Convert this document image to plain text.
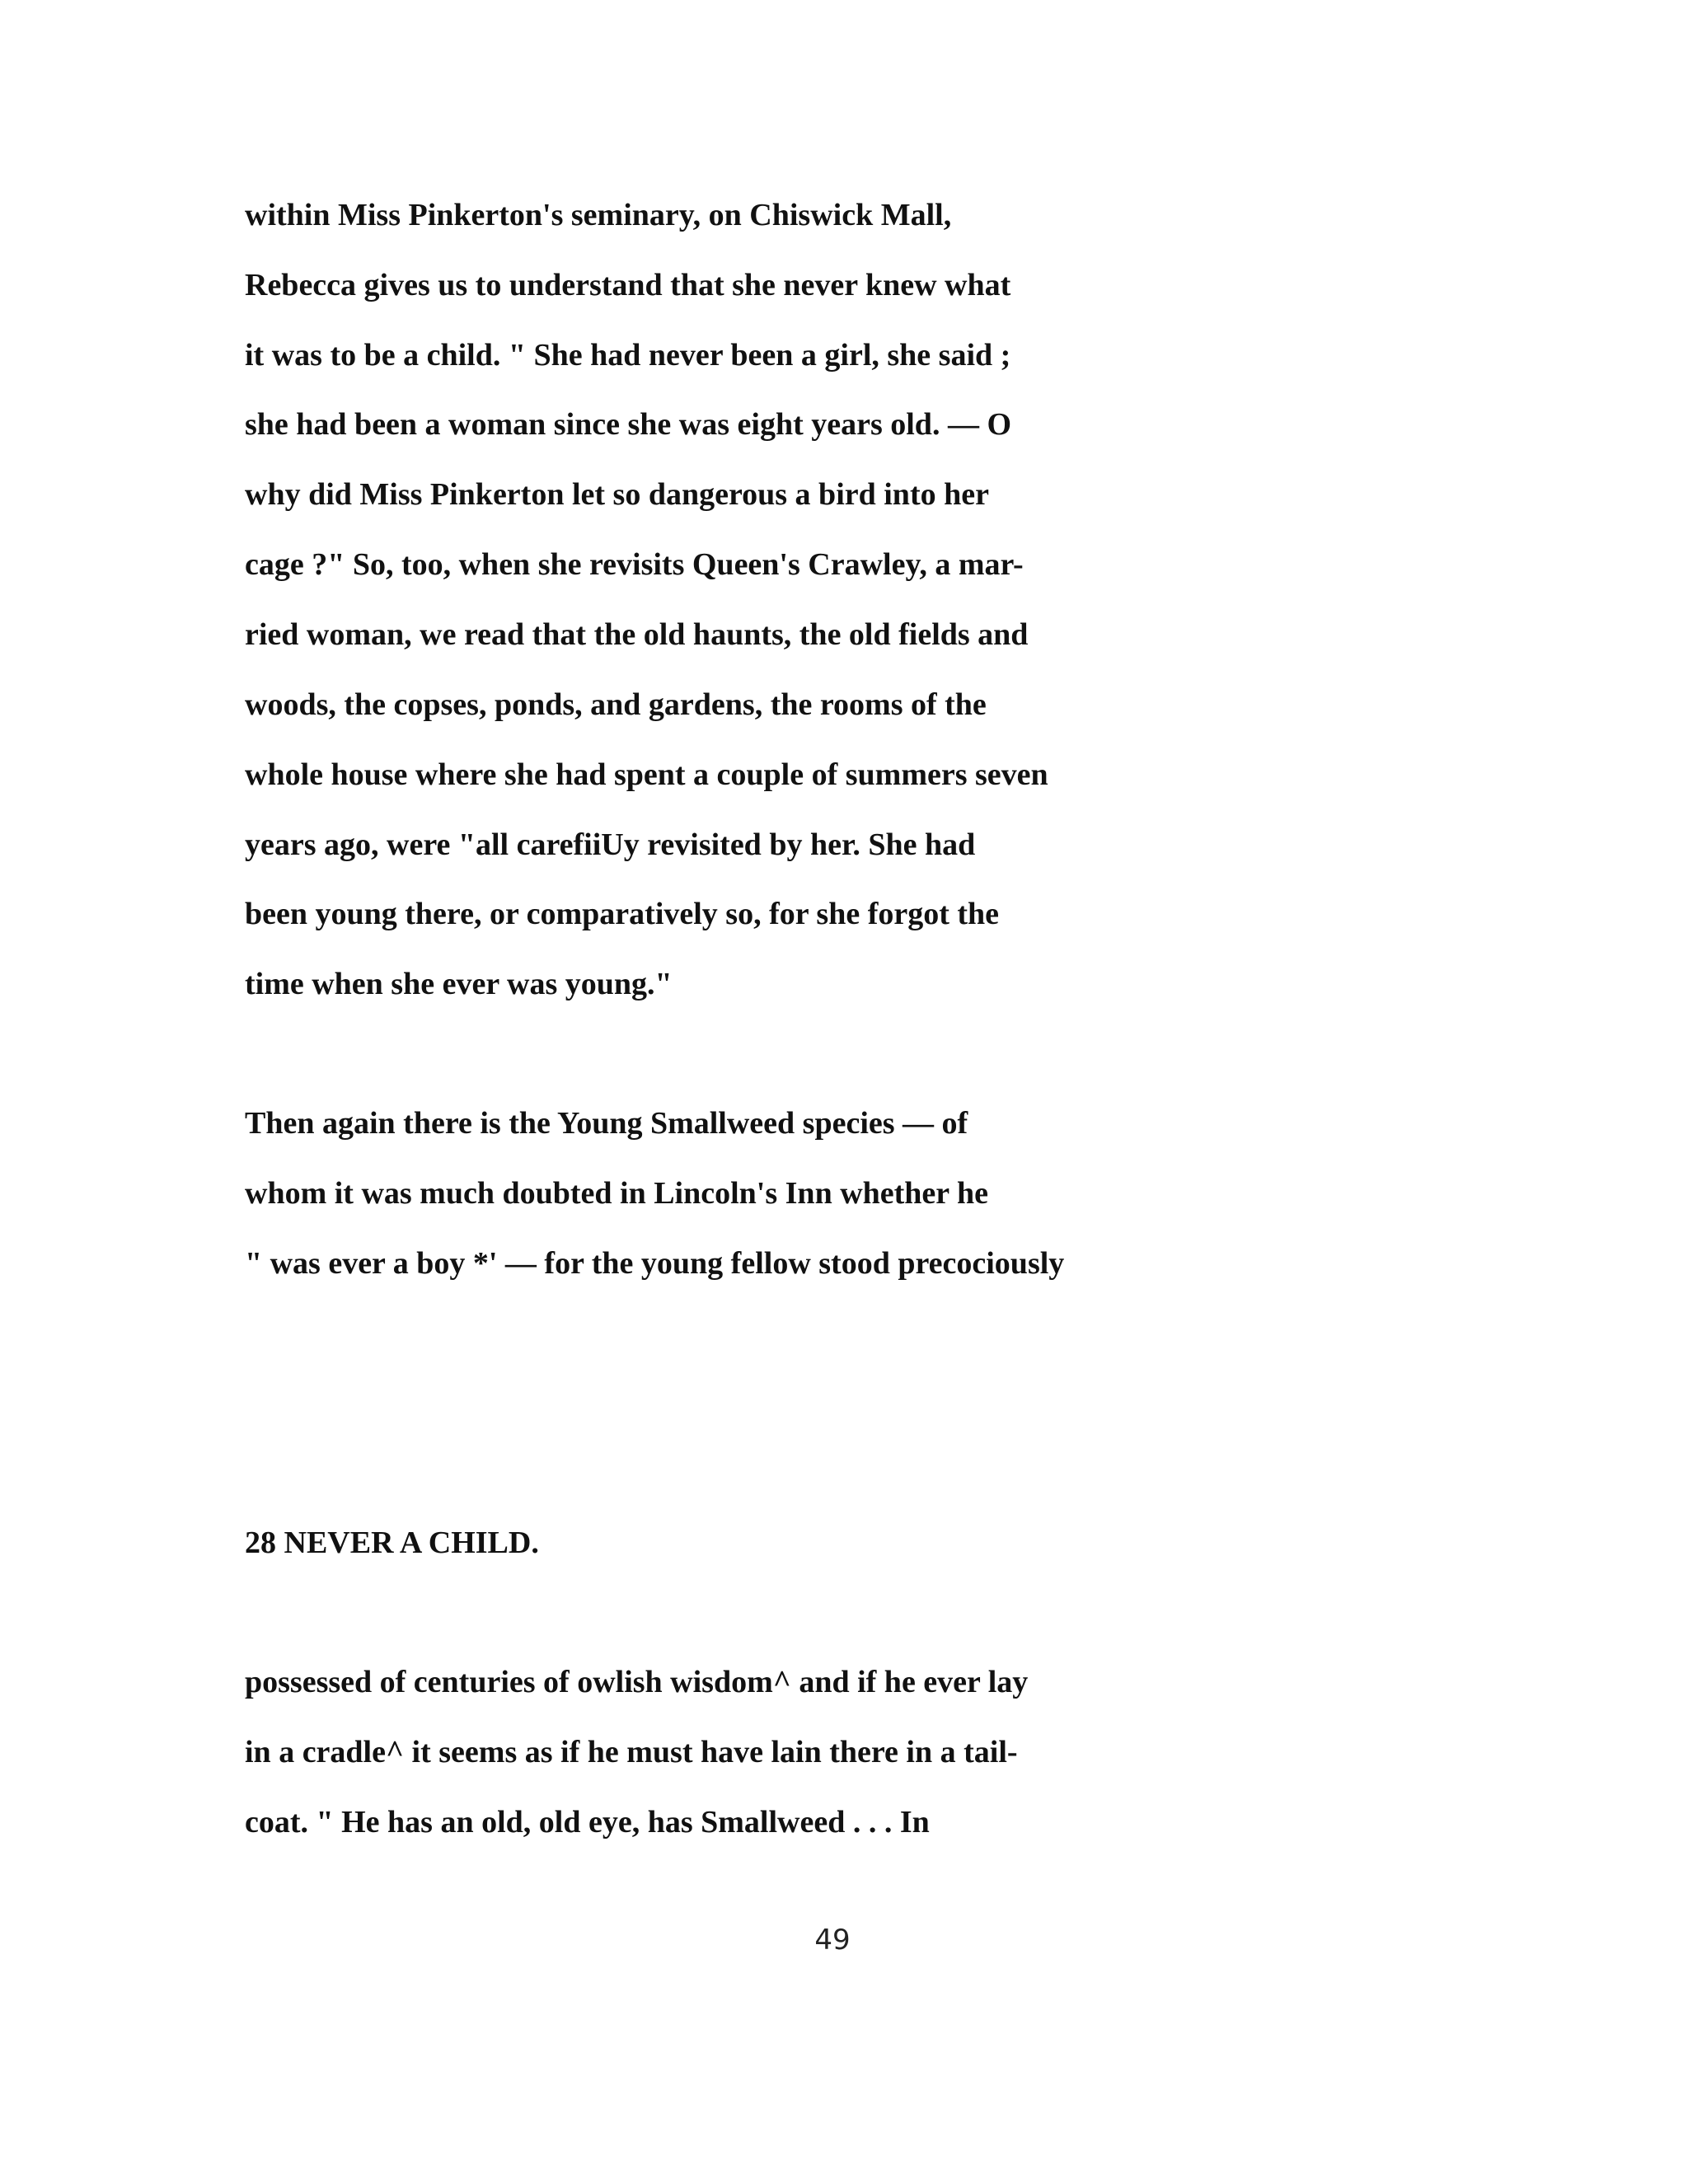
within Miss Pinkerton's seminary, on Chiswick Mall,

Rebecca gives us to understand that she never knew what

it was to be a child. " She had never been a girl, she said ;

she had been a woman since she was eight years old. — O

why did Miss Pinkerton let so dangerous a bird into her

cage ?" So, too, when she revisits Queen's Crawley, a mar-

ried woman, we read that the old haunts, the old fields and

woods, the copses, ponds, and gardens, the rooms of the

whole house where she had spent a couple of summers seven

years ago, were "all carefiiUy revisited by her. She had

been young there, or comparatively so, for she forgot the

time when she ever was young."

Then again there is the Young Smallweed species — of

whom it was much doubted in Lincoln's Inn whether he

" was ever a boy *' — for the young fellow stood precociously

28 NEVER A CHILD.

possessed of centuries of owlish wisdom^ and if he ever lay

in a cradle^ it seems as if he must have lain there in a tail-

coat. " He has an old, old eye, has Smallweed . . . In

49
